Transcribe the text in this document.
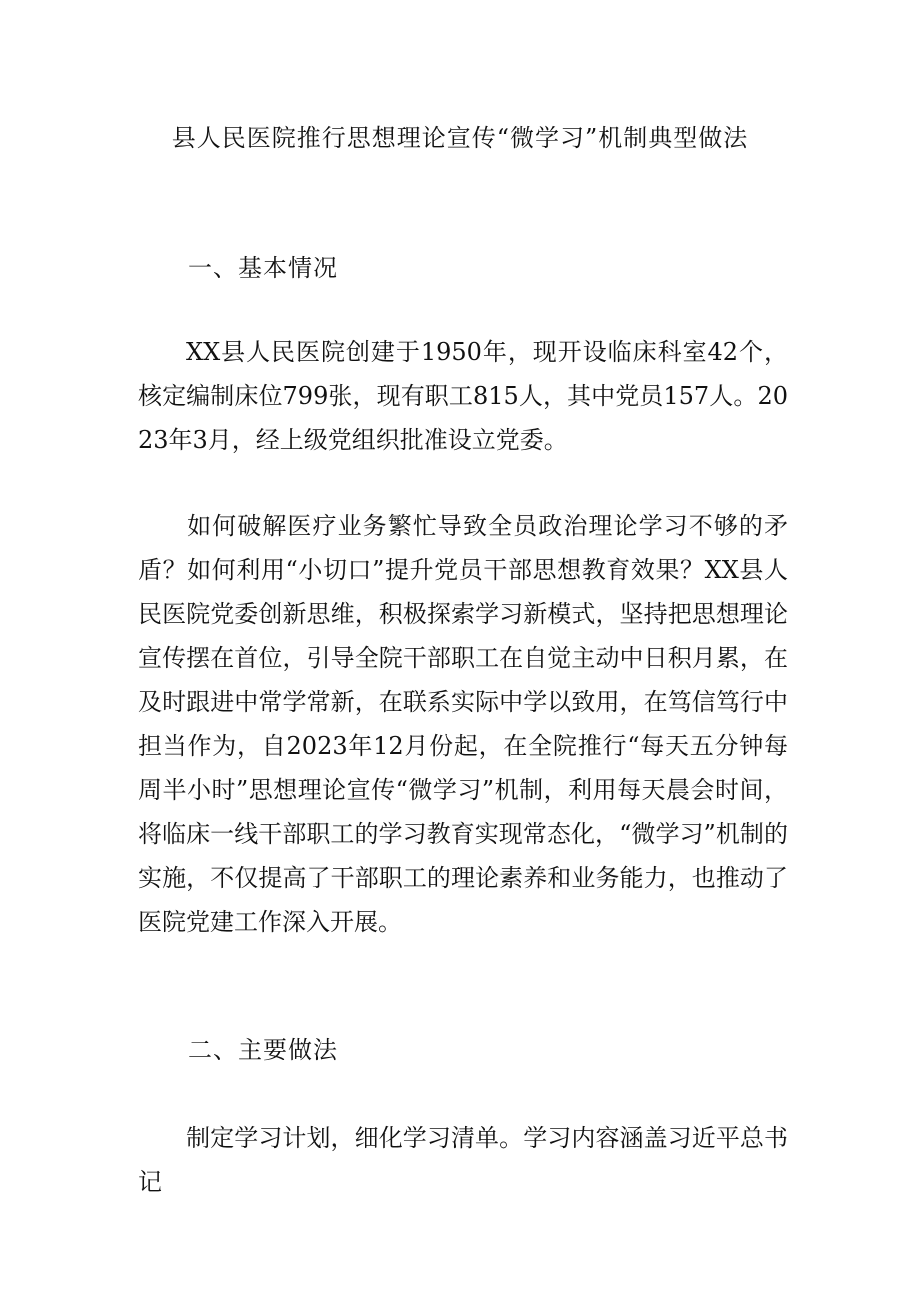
县人民医院推行思想理论宣传“微学习”机制典型做法
一、基本情况

XX县人民医院创建于1950年，现开设临床科室42个，核定编制床位799张，现有职工815人，其中党员157人。2023年3月，经上级党组织批准设立党委。

如何破解医疗业务繁忙导致全员政治理论学习不够的矛盾？如何利用“小切口”提升党员干部思想教育效果？XX县人民医院党委创新思维，积极探索学习新模式，坚持把思想理论宣传摆在首位，引导全院干部职工在自觉主动中日积月累，在及时跟进中常学常新，在联系实际中学以致用，在笃信笃行中担当作为，自2023年12月份起，在全院推行“每天五分钟每周半小时”思想理论宣传“微学习”机制，利用每天晨会时间，将临床一线干部职工的学习教育实现常态化，“微学习”机制的实施，不仅提高了干部职工的理论素养和业务能力，也推动了医院党建工作深入开展。

二、主要做法

制定学习计划，细化学习清单。学习内容涵盖习近平总书记
